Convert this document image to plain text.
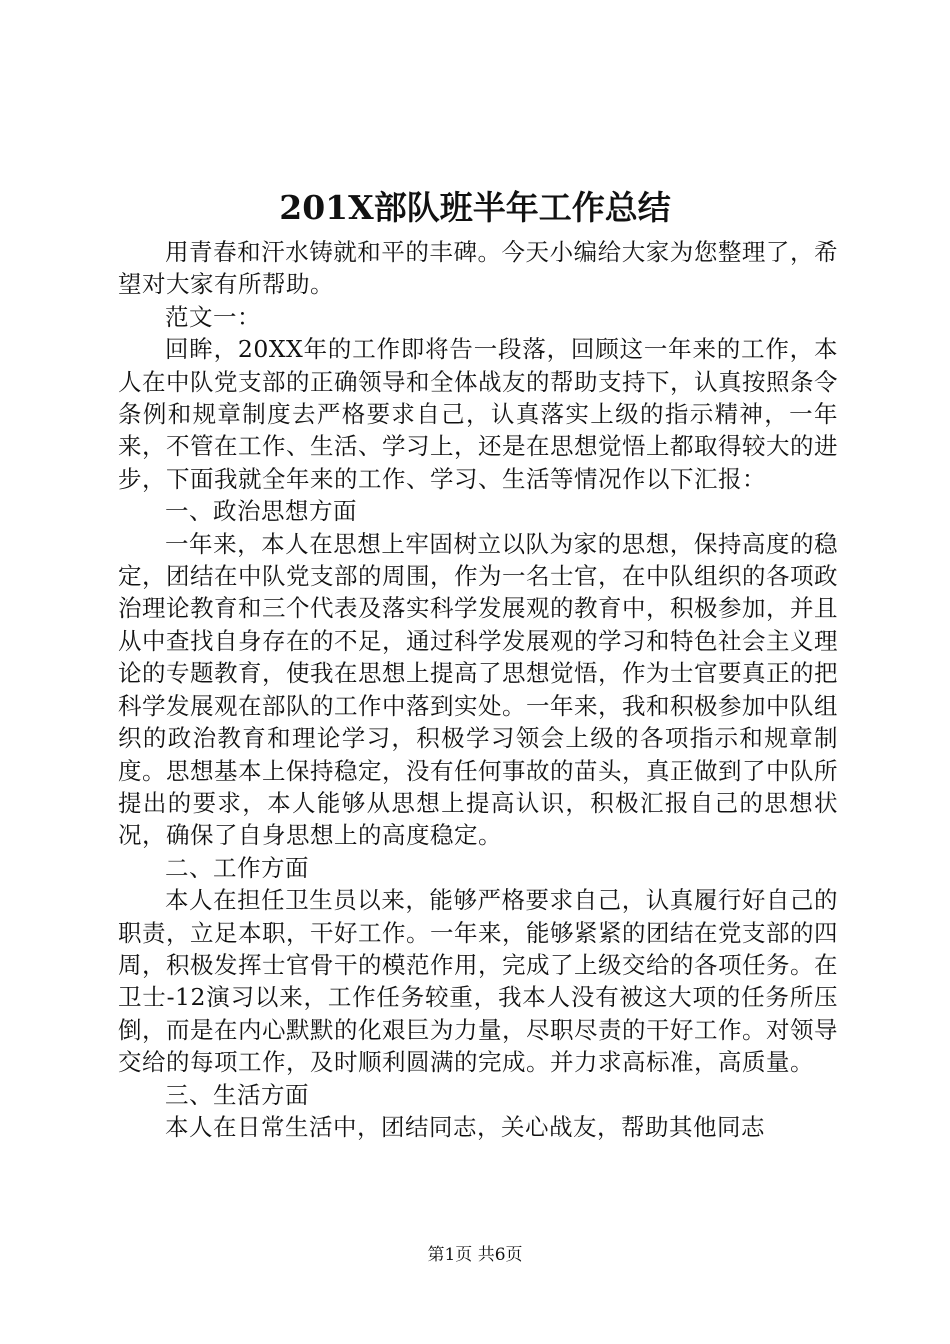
201X部队班半年工作总结

用青春和汗水铸就和平的丰碑。今天小编给大家为您整理了，希望对大家有所帮助。

范文一：

回眸，20XX年的工作即将告一段落，回顾这一年来的工作，本人在中队党支部的正确领导和全体战友的帮助支持下，认真按照条令条例和规章制度去严格要求自己，认真落实上级的指示精神，一年来，不管在工作、生活、学习上，还是在思想觉悟上都取得较大的进步，下面我就全年来的工作、学习、生活等情况作以下汇报：

一、政治思想方面

一年来，本人在思想上牢固树立以队为家的思想，保持高度的稳定，团结在中队党支部的周围，作为一名士官，在中队组织的各项政治理论教育和三个代表及落实科学发展观的教育中，积极参加，并且从中查找自身存在的不足，通过科学发展观的学习和特色社会主义理论的专题教育，使我在思想上提高了思想觉悟，作为士官要真正的把科学发展观在部队的工作中落到实处。一年来，我和积极参加中队组织的政治教育和理论学习，积极学习领会上级的各项指示和规章制度。思想基本上保持稳定，没有任何事故的苗头，真正做到了中队所提出的要求，本人能够从思想上提高认识，积极汇报自己的思想状况，确保了自身思想上的高度稳定。

二、工作方面

本人在担任卫生员以来，能够严格要求自己，认真履行好自己的职责，立足本职，干好工作。一年来，能够紧紧的团结在党支部的四周，积极发挥士官骨干的模范作用，完成了上级交给的各项任务。在卫士-12演习以来，工作任务较重，我本人没有被这大项的任务所压倒，而是在内心默默的化艰巨为力量，尽职尽责的干好工作。对领导交给的每项工作，及时顺利圆满的完成。并力求高标准，高质量。

三、生活方面

本人在日常生活中，团结同志，关心战友，帮助其他同志

第1页 共6页
